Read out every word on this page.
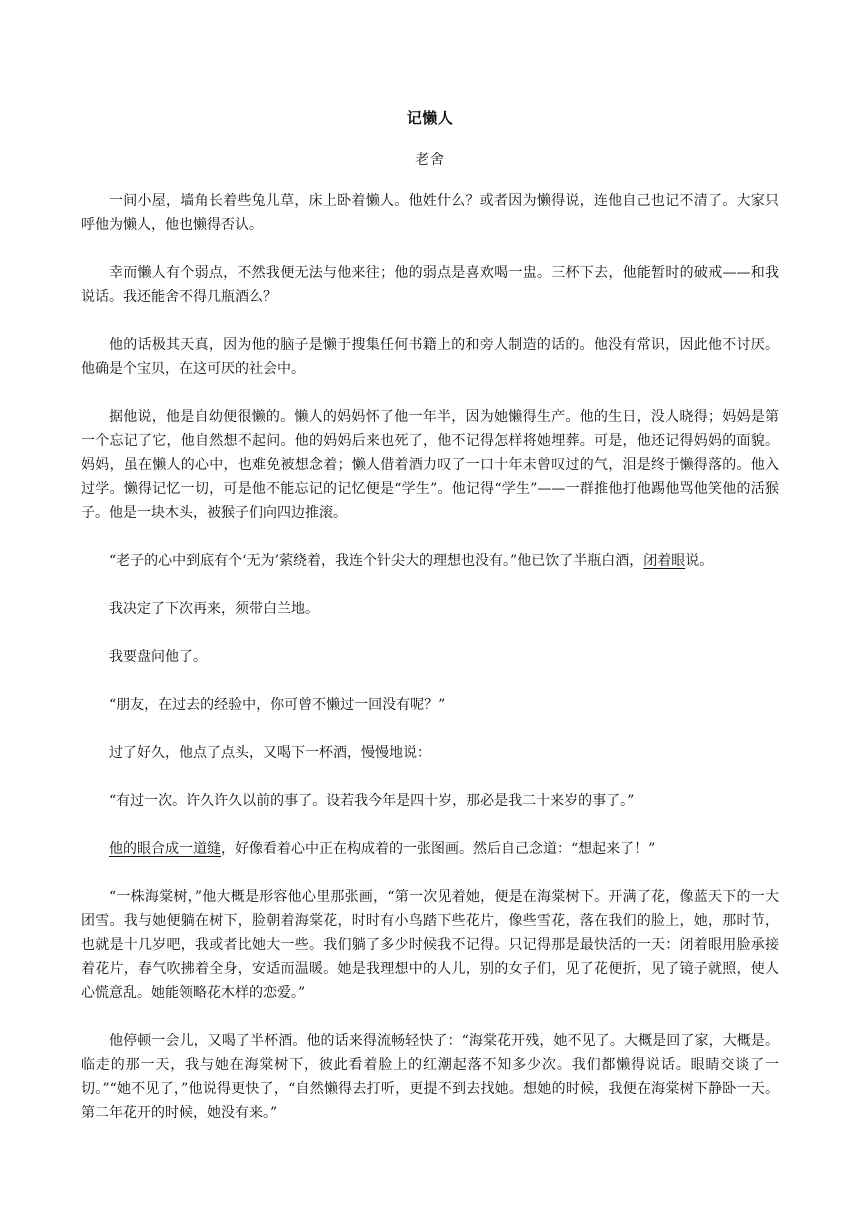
记懒人
老舍

一间小屋，墙角长着些兔儿草，床上卧着懒人。他姓什么？或者因为懒得说，连他自己也记不清了。大家只呼他为懒人，他也懒得否认。

幸而懒人有个弱点，不然我便无法与他来往；他的弱点是喜欢喝一盅。三杯下去，他能暂时的破戒——和我说话。我还能舍不得几瓶酒么？

他的话极其天真，因为他的脑子是懒于搜集任何书籍上的和旁人制造的话的。他没有常识，因此他不讨厌。他确是个宝贝，在这可厌的社会中。

据他说，他是自幼便很懒的。懒人的妈妈怀了他一年半，因为她懒得生产。他的生日，没人晓得；妈妈是第一个忘记了它，他自然想不起问。他的妈妈后来也死了，他不记得怎样将她埋葬。可是，他还记得妈妈的面貌。妈妈，虽在懒人的心中，也难免被想念着；懒人借着酒力叹了一口十年未曾叹过的气，泪是终于懒得落的。他入过学。懒得记忆一切，可是他不能忘记的记忆便是“学生”。他记得“学生”——一群推他打他踢他骂他笑他的活猴子。他是一块木头，被猴子们向四边推滚。

“老子的心中到底有个‘无为’萦绕着，我连个针尖大的理想也没有。”他已饮了半瓶白酒，闭着眼说。

我决定了下次再来，须带白兰地。

我要盘问他了。

“朋友，在过去的经验中，你可曾不懒过一回没有呢？”

过了好久，他点了点头，又喝下一杯酒，慢慢地说：

“有过一次。许久许久以前的事了。设若我今年是四十岁，那必是我二十来岁的事了。”

他的眼合成一道缝，好像看着心中正在构成着的一张图画。然后自己念道：“想起来了！”

“一株海棠树，”他大概是形容他心里那张画，“第一次见着她，便是在海棠树下。开满了花，像蓝天下的一大团雪。我与她便躺在树下，脸朝着海棠花，时时有小鸟踏下些花片，像些雪花，落在我们的脸上，她，那时节，也就是十几岁吧，我或者比她大一些。我们躺了多少时候我不记得。只记得那是最快活的一天：闭着眼用脸承接着花片，春气吹拂着全身，安适而温暖。她是我理想中的人儿，别的女子们，见了花便折，见了镜子就照，使人心慌意乱。她能领略花木样的恋爱。”

他停顿一会儿，又喝了半杯酒。他的话来得流畅轻快了：“海棠花开残，她不见了。大概是回了家，大概是。临走的那一天，我与她在海棠树下，彼此看着脸上的红潮起落不知多少次。我们都懒得说话。眼睛交谈了一切。”“她不见了，”他说得更快了，“自然懒得去打听，更提不到去找她。想她的时候，我便在海棠树下静卧一天。第二年花开的时候，她没有来。”
